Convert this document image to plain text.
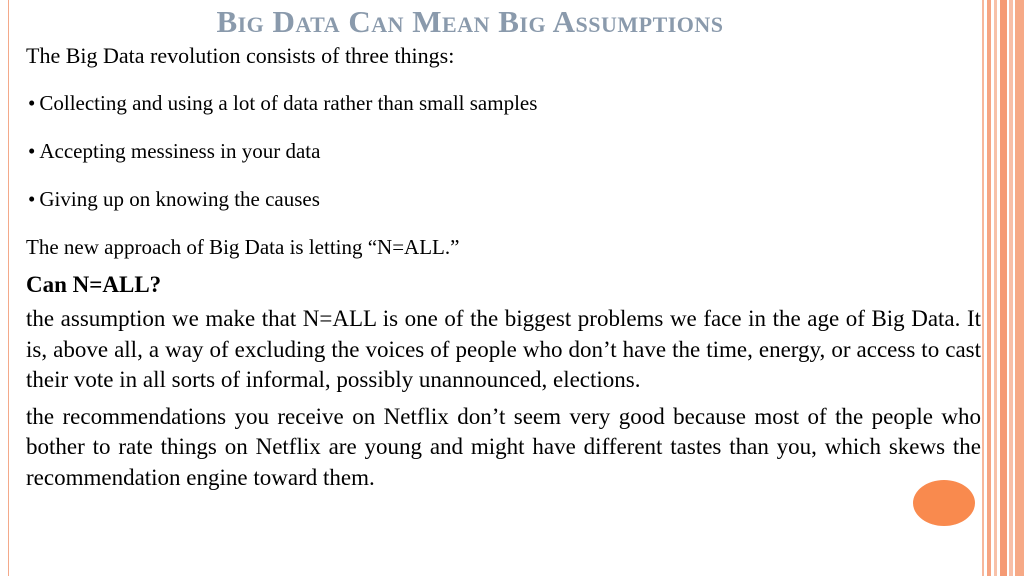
Big Data Can Mean Big Assumptions

The Big Data revolution consists of three things:

• Collecting and using a lot of data rather than small samples

• Accepting messiness in your data

• Giving up on knowing the causes

The new approach of Big Data is letting “N=ALL.”

Can N=ALL?

the assumption we make that N=ALL is one of the biggest problems we face in the age of Big Data. It is, above all, a way of excluding the voices of people who don’t have the time, energy, or access to cast their vote in all sorts of informal, possibly unannounced, elections.

the recommendations you receive on Netflix don’t seem very good because most of the people who bother to rate things on Netflix are young and might have different tastes than you, which skews the recommendation engine toward them.
